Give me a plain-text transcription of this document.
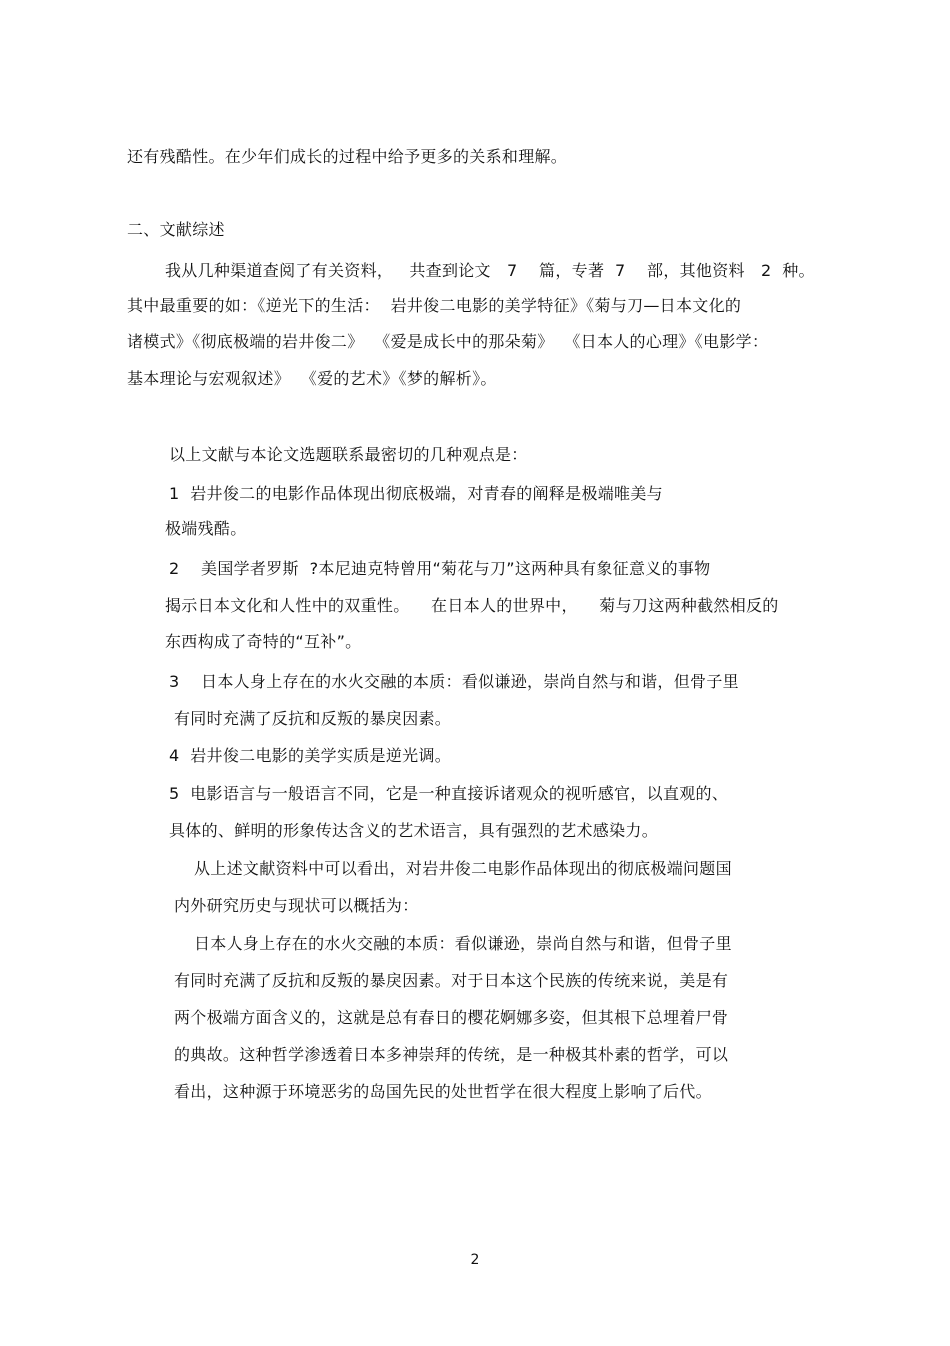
还有残酷性。在少年们成长的过程中给予更多的关系和理解。
二、文献综述
我从几种渠道查阅了有关资料，   共查到论文   7    篇，专著  7    部，其他资料   2  种。
其中最重要的如：《逆光下的生活：  岩井俊二电影的美学特征》《菊与刀—日本文化的
诸模式》《彻底极端的岩井俊二》  《爱是成长中的那朵菊》  《日本人的心理》《电影学：
基本理论与宏观叙述》  《爱的艺术》《梦的解析》。
以上文献与本论文选题联系最密切的几种观点是：
1  岩井俊二的电影作品体现出彻底极端，对青春的阐释是极端唯美与
极端残酷。
2    美国学者罗斯  ?本尼迪克特曾用“菊花与刀”这两种具有象征意义的事物
揭示日本文化和人性中的双重性。    在日本人的世界中，    菊与刀这两种截然相反的
东西构成了奇特的“互补”。
3    日本人身上存在的水火交融的本质：看似谦逊，崇尚自然与和谐，但骨子里
有同时充满了反抗和反叛的暴戾因素。
4  岩井俊二电影的美学实质是逆光调。
5  电影语言与一般语言不同，它是一种直接诉诸观众的视听感官，以直观的、
具体的、鲜明的形象传达含义的艺术语言，具有强烈的艺术感染力。
从上述文献资料中可以看出，对岩井俊二电影作品体现出的彻底极端问题国
内外研究历史与现状可以概括为：
日本人身上存在的水火交融的本质：看似谦逊，崇尚自然与和谐，但骨子里
有同时充满了反抗和反叛的暴戾因素。对于日本这个民族的传统来说，美是有
两个极端方面含义的，这就是总有春日的樱花婀娜多姿，但其根下总埋着尸骨
的典故。这种哲学渗透着日本多神崇拜的传统，是一种极其朴素的哲学，可以
看出，这种源于环境恶劣的岛国先民的处世哲学在很大程度上影响了后代。
2
